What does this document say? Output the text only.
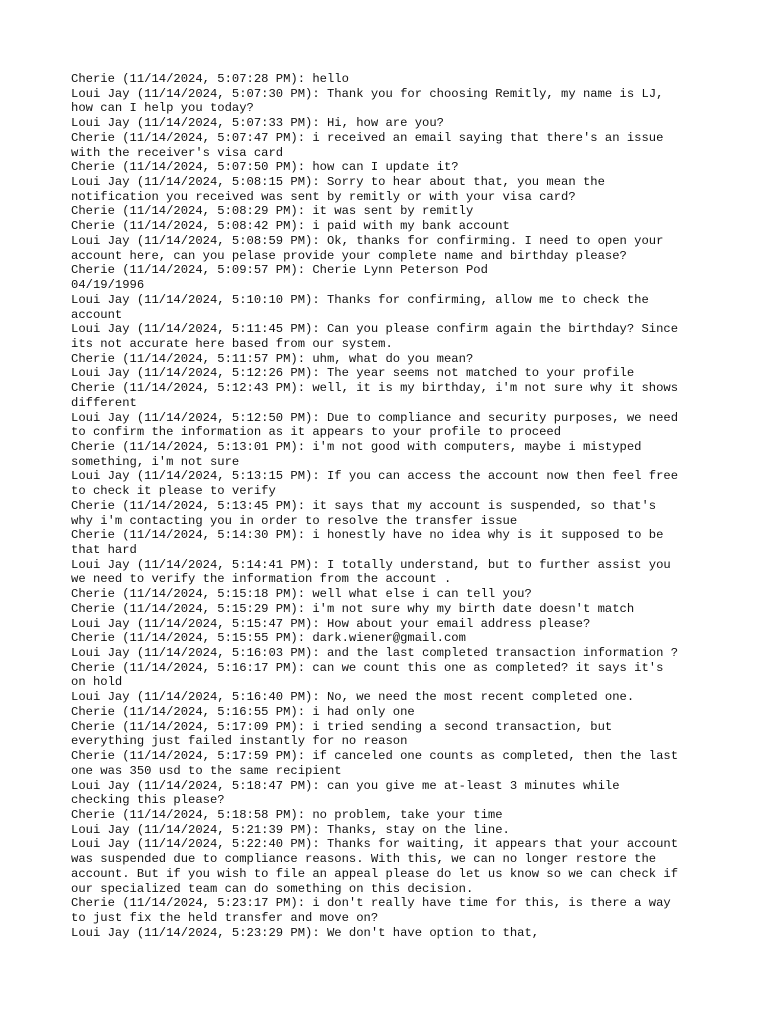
Cherie (11/14/2024, 5:07:28 PM): hello
Loui Jay (11/14/2024, 5:07:30 PM): Thank you for choosing Remitly, my name is LJ,
how can I help you today?
Loui Jay (11/14/2024, 5:07:33 PM): Hi, how are you?
Cherie (11/14/2024, 5:07:47 PM): i received an email saying that there's an issue
with the receiver's visa card
Cherie (11/14/2024, 5:07:50 PM): how can I update it?
Loui Jay (11/14/2024, 5:08:15 PM): Sorry to hear about that, you mean the
notification you received was sent by remitly or with your visa card?
Cherie (11/14/2024, 5:08:29 PM): it was sent by remitly
Cherie (11/14/2024, 5:08:42 PM): i paid with my bank account
Loui Jay (11/14/2024, 5:08:59 PM): Ok, thanks for confirming. I need to open your
account here, can you pelase provide your complete name and birthday please?
Cherie (11/14/2024, 5:09:57 PM): Cherie Lynn Peterson Pod
04/19/1996
Loui Jay (11/14/2024, 5:10:10 PM): Thanks for confirming, allow me to check the
account
Loui Jay (11/14/2024, 5:11:45 PM): Can you please confirm again the birthday? Since
its not accurate here based from our system.
Cherie (11/14/2024, 5:11:57 PM): uhm, what do you mean?
Loui Jay (11/14/2024, 5:12:26 PM): The year seems not matched to your profile
Cherie (11/14/2024, 5:12:43 PM): well, it is my birthday, i'm not sure why it shows
different
Loui Jay (11/14/2024, 5:12:50 PM): Due to compliance and security purposes, we need
to confirm the information as it appears to your profile to proceed
Cherie (11/14/2024, 5:13:01 PM): i'm not good with computers, maybe i mistyped
something, i'm not sure
Loui Jay (11/14/2024, 5:13:15 PM): If you can access the account now then feel free
to check it please to verify
Cherie (11/14/2024, 5:13:45 PM): it says that my account is suspended, so that's
why i'm contacting you in order to resolve the transfer issue
Cherie (11/14/2024, 5:14:30 PM): i honestly have no idea why is it supposed to be
that hard
Loui Jay (11/14/2024, 5:14:41 PM): I totally understand, but to further assist you
we need to verify the information from the account .
Cherie (11/14/2024, 5:15:18 PM): well what else i can tell you?
Cherie (11/14/2024, 5:15:29 PM): i'm not sure why my birth date doesn't match
Loui Jay (11/14/2024, 5:15:47 PM): How about your email address please?
Cherie (11/14/2024, 5:15:55 PM): dark.wiener@gmail.com
Loui Jay (11/14/2024, 5:16:03 PM): and the last completed transaction information ?
Cherie (11/14/2024, 5:16:17 PM): can we count this one as completed? it says it's
on hold
Loui Jay (11/14/2024, 5:16:40 PM): No, we need the most recent completed one.
Cherie (11/14/2024, 5:16:55 PM): i had only one
Cherie (11/14/2024, 5:17:09 PM): i tried sending a second transaction, but
everything just failed instantly for no reason
Cherie (11/14/2024, 5:17:59 PM): if canceled one counts as completed, then the last
one was 350 usd to the same recipient
Loui Jay (11/14/2024, 5:18:47 PM): can you give me at-least 3 minutes while
checking this please?
Cherie (11/14/2024, 5:18:58 PM): no problem, take your time
Loui Jay (11/14/2024, 5:21:39 PM): Thanks, stay on the line.
Loui Jay (11/14/2024, 5:22:40 PM): Thanks for waiting, it appears that your account
was suspended due to compliance reasons. With this, we can no longer restore the
account. But if you wish to file an appeal please do let us know so we can check if
our specialized team can do something on this decision.
Cherie (11/14/2024, 5:23:17 PM): i don't really have time for this, is there a way
to just fix the held transfer and move on?
Loui Jay (11/14/2024, 5:23:29 PM): We don't have option to that,
